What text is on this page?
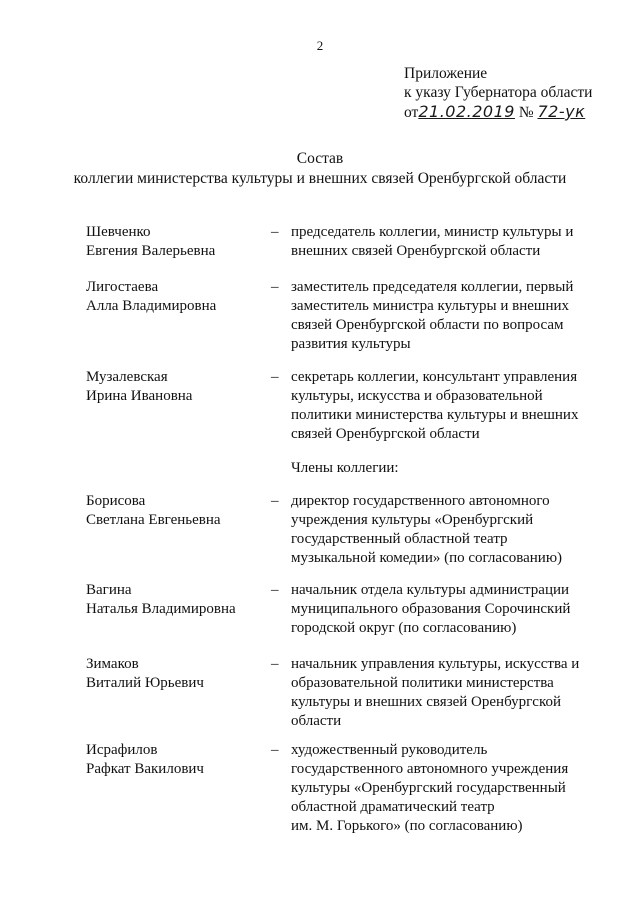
2
Приложение
к указу Губернатора области
от21.02.2019 № 72-ук
Состав
коллегии министерства культуры и внешних связей Оренбургской области
Шевченко
Евгения Валерьевна
– председатель коллегии, министр культуры и
внешних связей Оренбургской области
Лигостаева
Алла Владимировна
– заместитель председателя коллегии, первый
заместитель министра культуры и внешних
связей Оренбургской области по вопросам
развития культуры
Музалевская
Ирина Ивановна
– секретарь коллегии, консультант управления
культуры, искусства и образовательной
политики министерства культуры и внешних
связей Оренбургской области
Члены коллегии:
Борисова
Светлана Евгеньевна
– директор государственного автономного
учреждения культуры «Оренбургский
государственный областной театр
музыкальной комедии» (по согласованию)
Вагина
Наталья Владимировна
– начальник отдела культуры администрации
муниципального образования Сорочинский
городской округ (по согласованию)
Зимаков
Виталий Юрьевич
– начальник управления культуры, искусства и
образовательной политики министерства
культуры и внешних связей Оренбургской
области
Исрафилов
Рафкат Вакилович
– художественный руководитель
государственного автономного учреждения
культуры «Оренбургский государственный
областной драматический театр
им. М. Горького» (по согласованию)
